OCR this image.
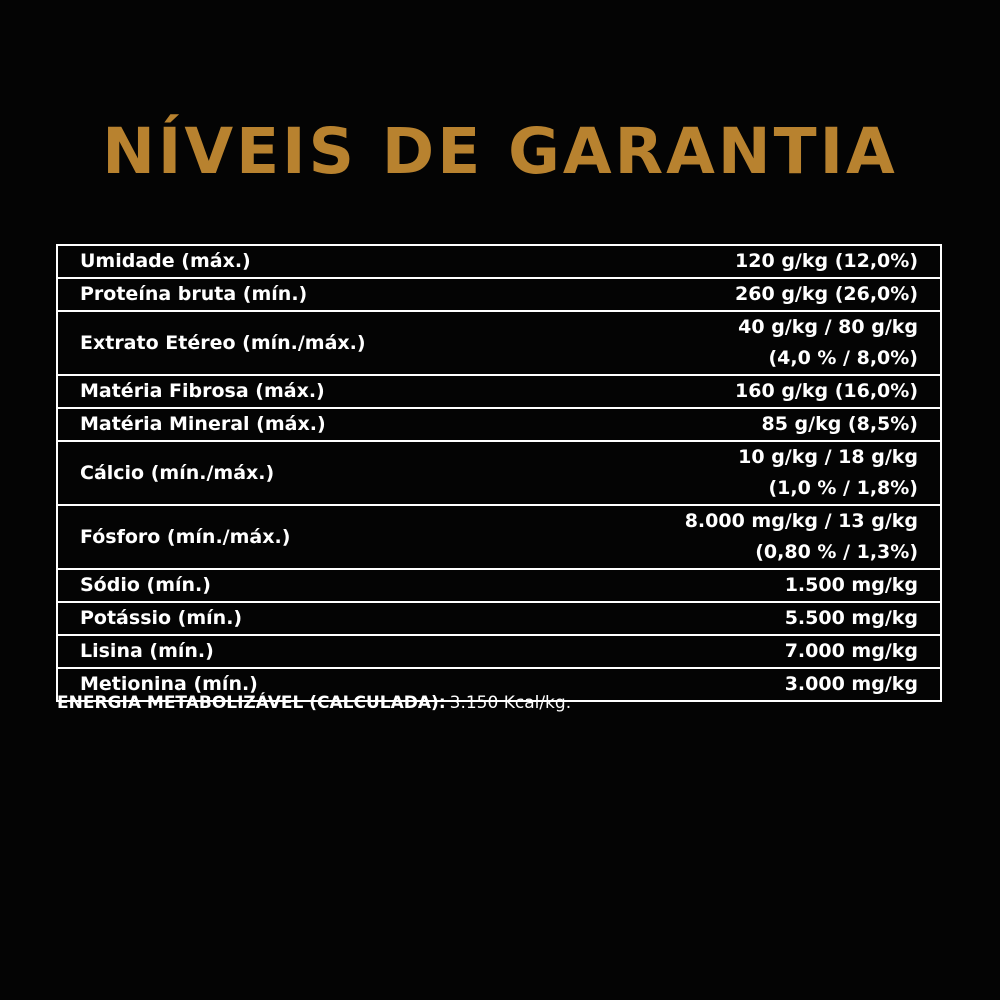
NÍVEIS DE GARANTIA
Umidade (máx.)	120 g/kg (12,0%)

Proteína bruta (mín.)	260 g/kg (26,0%)

Extrato Etéreo (mín./máx.)	40 g/kg / 80 g/kg
(4,0 % / 8,0%)

Matéria Fibrosa (máx.)	160 g/kg (16,0%)

Matéria Mineral (máx.)	85 g/kg (8,5%)

Cálcio (mín./máx.)	10 g/kg / 18 g/kg
(1,0 % / 1,8%)

Fósforo (mín./máx.)	8.000 mg/kg / 13 g/kg
(0,80 % / 1,3%)

Sódio (mín.)	1.500 mg/kg

Potássio (mín.)	5.500 mg/kg

Lisina (mín.)	7.000 mg/kg

Metionina (mín.)	3.000 mg/kg
ENERGIA METABOLIZÁVEL (CALCULADA): 3.150 Kcal/kg.
